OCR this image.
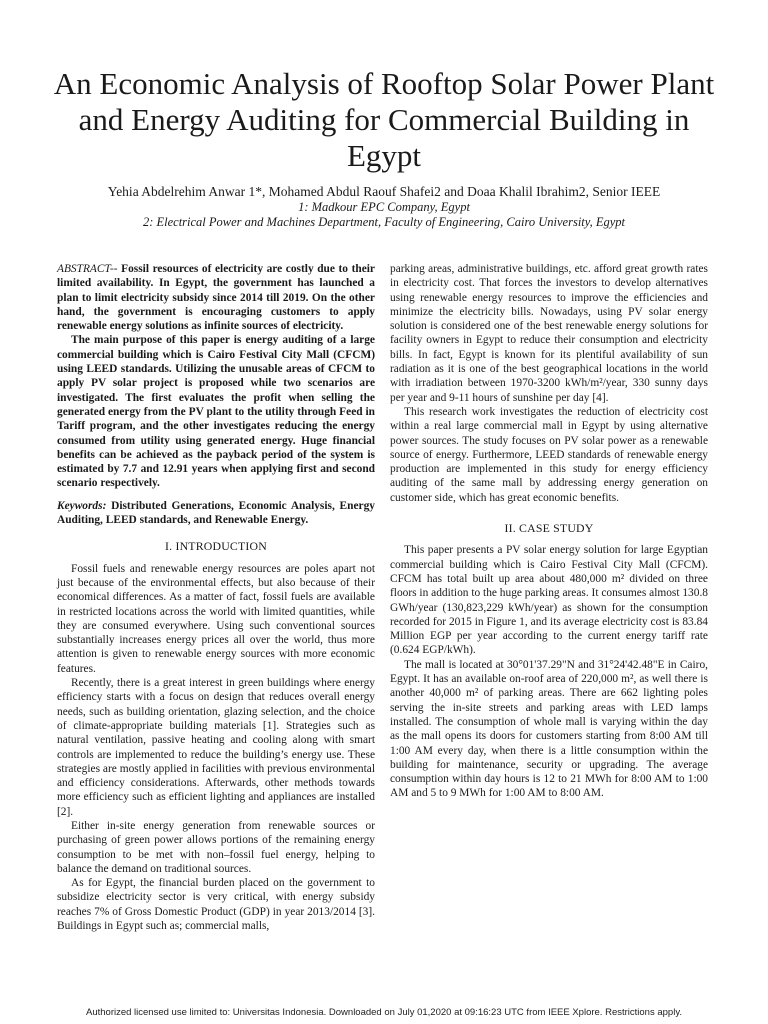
An Economic Analysis of Rooftop Solar Power Plant and Energy Auditing for Commercial Building in Egypt
Yehia Abdelrehim Anwar 1*, Mohamed Abdul Raouf Shafei2 and Doaa Khalil Ibrahim2, Senior IEEE
1: Madkour EPC Company, Egypt
2: Electrical Power and Machines Department, Faculty of Engineering, Cairo University, Egypt

ABSTRACT-- Fossil resources of electricity are costly due to their limited availability. In Egypt, the government has launched a plan to limit electricity subsidy since 2014 till 2019. On the other hand, the government is encouraging customers to apply renewable energy solutions as infinite sources of electricity.

The main purpose of this paper is energy auditing of a large commercial building which is Cairo Festival City Mall (CFCM) using LEED standards. Utilizing the unusable areas of CFCM to apply PV solar project is proposed while two scenarios are investigated. The first evaluates the profit when selling the generated energy from the PV plant to the utility through Feed in Tariff program, and the other investigates reducing the energy consumed from utility using generated energy. Huge financial benefits can be achieved as the payback period of the system is estimated by 7.7 and 12.91 years when applying first and second scenario respectively.

Keywords: Distributed Generations, Economic Analysis, Energy Auditing, LEED standards, and Renewable Energy.

I. INTRODUCTION

Fossil fuels and renewable energy resources are poles apart not just because of the environmental effects, but also because of their economical differences. As a matter of fact, fossil fuels are available in restricted locations across the world with limited quantities, while they are consumed everywhere. Using such conventional sources substantially increases energy prices all over the world, thus more attention is given to renewable energy sources with more economic features.

Recently, there is a great interest in green buildings where energy efficiency starts with a focus on design that reduces overall energy needs, such as building orientation, glazing selection, and the choice of climate-appropriate building materials [1]. Strategies such as natural ventilation, passive heating and cooling along with smart controls are implemented to reduce the building’s energy use. These strategies are mostly applied in facilities with previous environmental and efficiency considerations. Afterwards, other methods towards more efficiency such as efficient lighting and appliances are installed [2].

Either in-site energy generation from renewable sources or purchasing of green power allows portions of the remaining energy consumption to be met with non–fossil fuel energy, helping to balance the demand on traditional sources.

As for Egypt, the financial burden placed on the government to subsidize electricity sector is very critical, with energy subsidy reaches 7% of Gross Domestic Product (GDP) in year 2013/2014 [3]. Buildings in Egypt such as; commercial malls,

parking areas, administrative buildings, etc. afford great growth rates in electricity cost. That forces the investors to develop alternatives using renewable energy resources to improve the efficiencies and minimize the electricity bills. Nowadays, using PV solar energy solution is considered one of the best renewable energy solutions for facility owners in Egypt to reduce their consumption and electricity bills. In fact, Egypt is known for its plentiful availability of sun radiation as it is one of the best geographical locations in the world with irradiation between 1970-3200 kWh/m²/year, 330 sunny days per year and 9-11 hours of sunshine per day [4].

This research work investigates the reduction of electricity cost within a real large commercial mall in Egypt by using alternative power sources. The study focuses on PV solar power as a renewable source of energy. Furthermore, LEED standards of renewable energy production are implemented in this study for energy efficiency auditing of the same mall by addressing energy generation on customer side, which has great economic benefits.

II. CASE STUDY

This paper presents a PV solar energy solution for large Egyptian commercial building which is Cairo Festival City Mall (CFCM). CFCM has total built up area about 480,000 m² divided on three floors in addition to the huge parking areas. It consumes almost 130.8 GWh/year (130,823,229 kWh/year) as shown for the consumption recorded for 2015 in Figure 1, and its average electricity cost is 83.84 Million EGP per year according to the current energy tariff rate (0.624 EGP/kWh).

The mall is located at 30°01'37.29"N and 31°24'42.48"E in Cairo, Egypt. It has an available on-roof area of 220,000 m², as well there is another 40,000 m² of parking areas. There are 662 lighting poles serving the in-site streets and parking areas with LED lamps installed. The consumption of whole mall is varying within the day as the mall opens its doors for customers starting from 8:00 AM till 1:00 AM every day, when there is a little consumption within the building for maintenance, security or upgrading. The average consumption within day hours is 12 to 21 MWh for 8:00 AM to 1:00 AM and 5 to 9 MWh for 1:00 AM to 8:00 AM.

Authorized licensed use limited to: Universitas Indonesia. Downloaded on July 01,2020 at 09:16:23 UTC from IEEE Xplore. Restrictions apply.
